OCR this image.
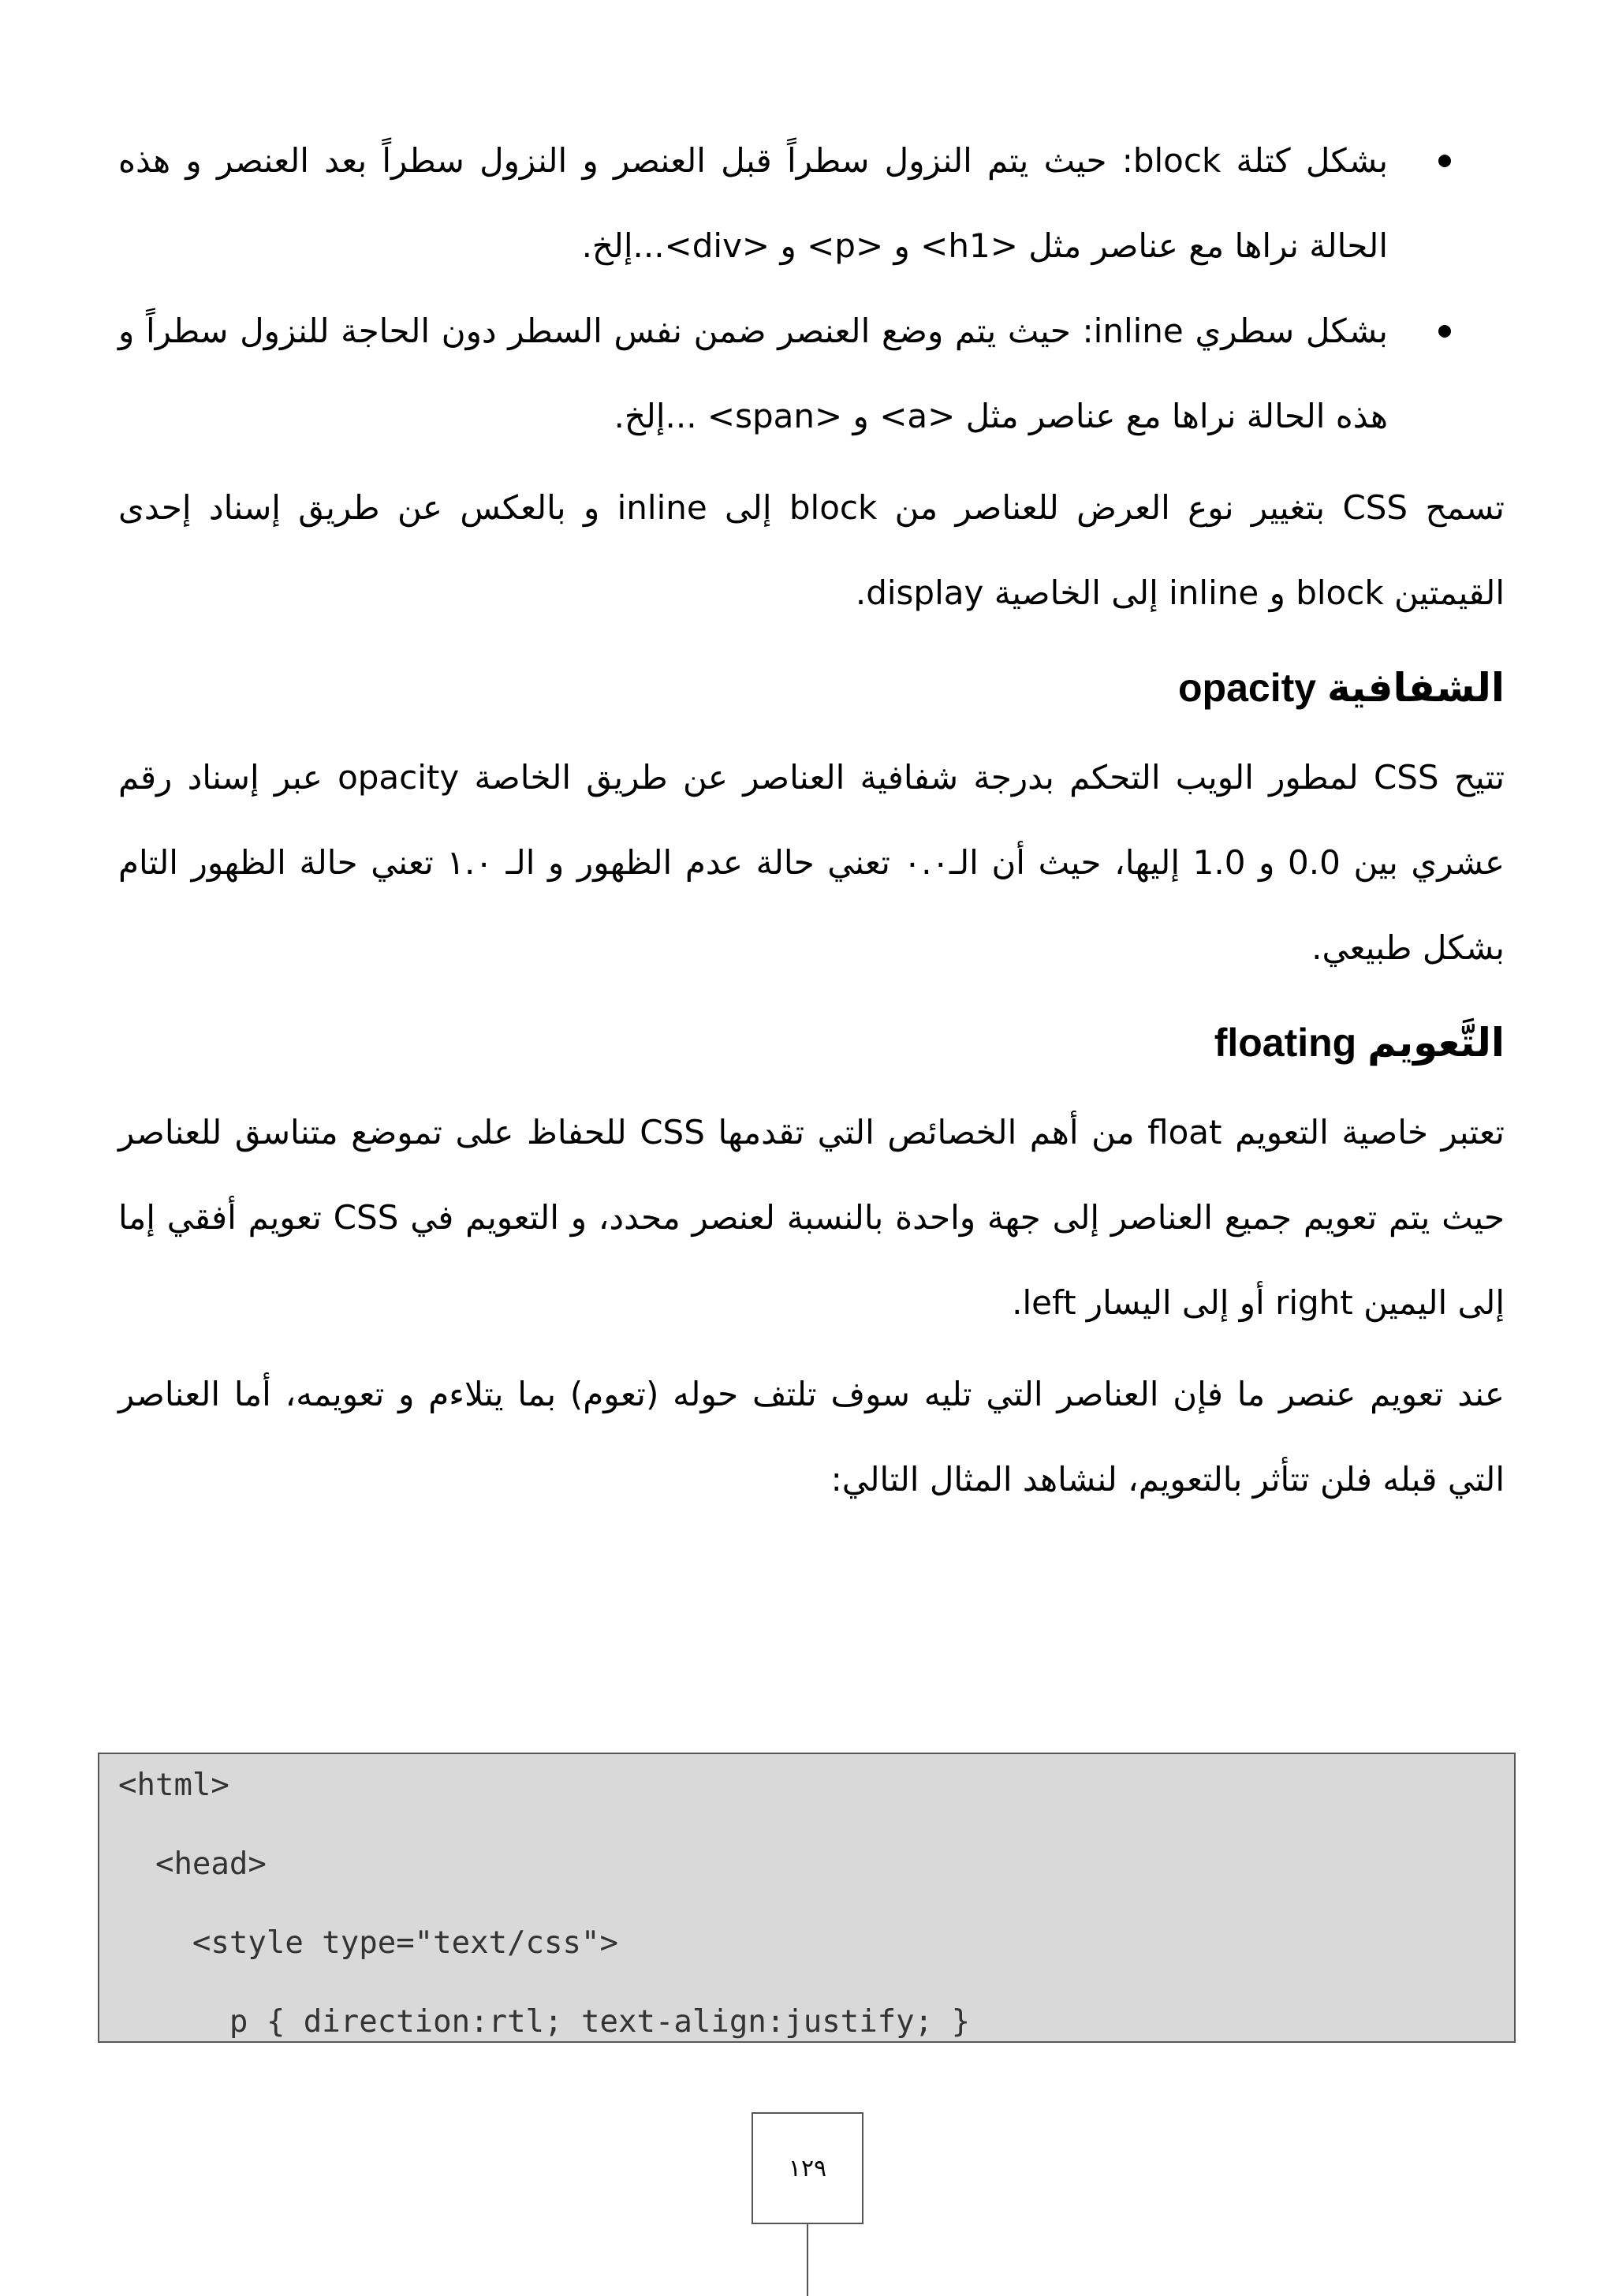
بشكل كتلة block: حيث يتم النزول سطراً قبل العنصر و النزول سطراً بعد العنصر و هذه الحالة نراها مع عناصر مثل <h1> و <p> و <div>...إلخ.
بشكل سطري inline: حيث يتم وضع العنصر ضمن نفس السطر دون الحاجة للنزول سطراً و هذه الحالة نراها مع عناصر مثل <a> و <span> ...إلخ.

تسمح CSS بتغيير نوع العرض للعناصر من block إلى inline و بالعكس عن طريق إسناد إحدى القيمتين block و inline إلى الخاصية display.

الشفافية opacity

تتيح CSS لمطور الويب التحكم بدرجة شفافية العناصر عن طريق الخاصة opacity عبر إسناد رقم عشري بين 0.0 و 1.0 إليها، حيث أن الـ٠.٠ تعني حالة عدم الظهور و الـ ١.٠ تعني حالة الظهور التام بشكل طبيعي.

التَّعويم floating

تعتبر خاصية التعويم float من أهم الخصائص التي تقدمها CSS للحفاظ على تموضع متناسق للعناصر حيث يتم تعويم جميع العناصر إلى جهة واحدة بالنسبة لعنصر محدد، و التعويم في CSS تعويم أفقي إما إلى اليمين right أو إلى اليسار left.

عند تعويم عنصر ما فإن العناصر التي تليه سوف تلتف حوله (تعوم) بما يتلاءم و تعويمه، أما العناصر التي قبله فلن تتأثر بالتعويم، لنشاهد المثال التالي:

<html>
<head>
<style type="text/css">
p { direction:rtl; text-align:justify; }
١٢٩
